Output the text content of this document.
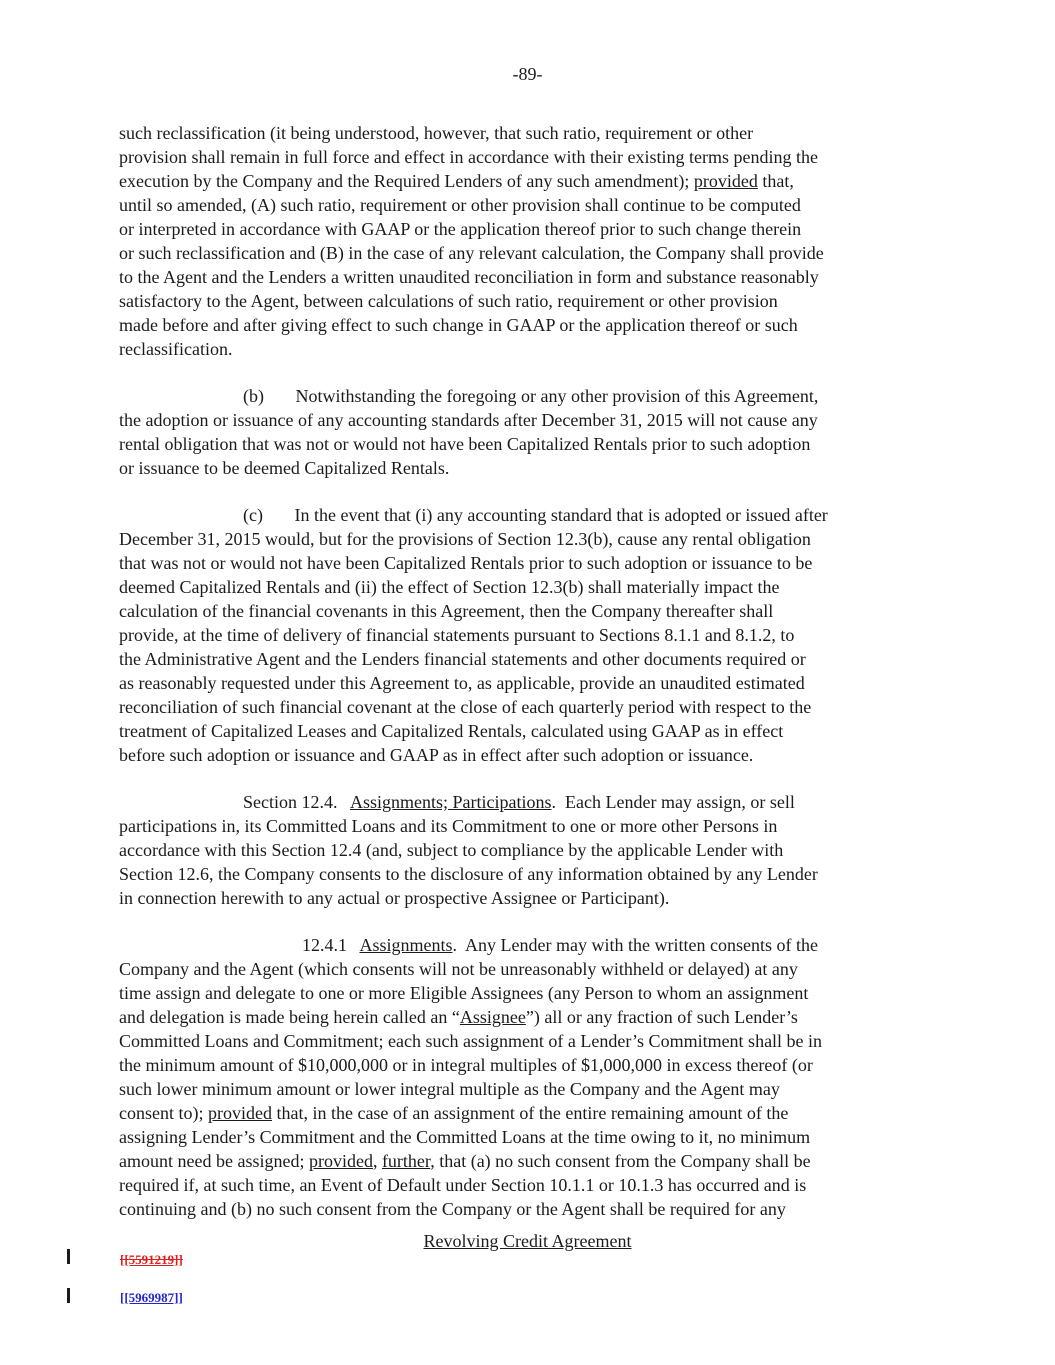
-89-
such reclassification (it being understood, however, that such ratio, requirement or other
provision shall remain in full force and effect in accordance with their existing terms pending the
execution by the Company and the Required Lenders of any such amendment); provided that,
until so amended, (A) such ratio, requirement or other provision shall continue to be computed
or interpreted in accordance with GAAP or the application thereof prior to such change therein
or such reclassification and (B) in the case of any relevant calculation, the Company shall provide
to the Agent and the Lenders a written unaudited reconciliation in form and substance reasonably
satisfactory to the Agent, between calculations of such ratio, requirement or other provision
made before and after giving effect to such change in GAAP or the application thereof or such
reclassification.
(b)       Notwithstanding the foregoing or any other provision of this Agreement,
the adoption or issuance of any accounting standards after December 31, 2015 will not cause any
rental obligation that was not or would not have been Capitalized Rentals prior to such adoption
or issuance to be deemed Capitalized Rentals.
(c)       In the event that (i) any accounting standard that is adopted or issued after
December 31, 2015 would, but for the provisions of Section 12.3(b), cause any rental obligation
that was not or would not have been Capitalized Rentals prior to such adoption or issuance to be
deemed Capitalized Rentals and (ii) the effect of Section 12.3(b) shall materially impact the
calculation of the financial covenants in this Agreement, then the Company thereafter shall
provide, at the time of delivery of financial statements pursuant to Sections 8.1.1 and 8.1.2, to
the Administrative Agent and the Lenders financial statements and other documents required or
as reasonably requested under this Agreement to, as applicable, provide an unaudited estimated
reconciliation of such financial covenant at the close of each quarterly period with respect to the
treatment of Capitalized Leases and Capitalized Rentals, calculated using GAAP as in effect
before such adoption or issuance and GAAP as in effect after such adoption or issuance.
Section 12.4.   Assignments; Participations.  Each Lender may assign, or sell
participations in, its Committed Loans and its Commitment to one or more other Persons in
accordance with this Section 12.4 (and, subject to compliance by the applicable Lender with
Section 12.6, the Company consents to the disclosure of any information obtained by any Lender
in connection herewith to any actual or prospective Assignee or Participant).
12.4.1   Assignments.  Any Lender may with the written consents of the
Company and the Agent (which consents will not be unreasonably withheld or delayed) at any
time assign and delegate to one or more Eligible Assignees (any Person to whom an assignment
and delegation is made being herein called an “Assignee”) all or any fraction of such Lender’s
Committed Loans and Commitment; each such assignment of a Lender’s Commitment shall be in
the minimum amount of $10,000,000 or in integral multiples of $1,000,000 in excess thereof (or
such lower minimum amount or lower integral multiple as the Company and the Agent may
consent to); provided that, in the case of an assignment of the entire remaining amount of the
assigning Lender’s Commitment and the Committed Loans at the time owing to it, no minimum
amount need be assigned; provided, further, that (a) no such consent from the Company shall be
required if, at such time, an Event of Default under Section 10.1.1 or 10.1.3 has occurred and is
continuing and (b) no such consent from the Company or the Agent shall be required for any
Revolving Credit Agreement
[[5591219]]
[[5969987]]
